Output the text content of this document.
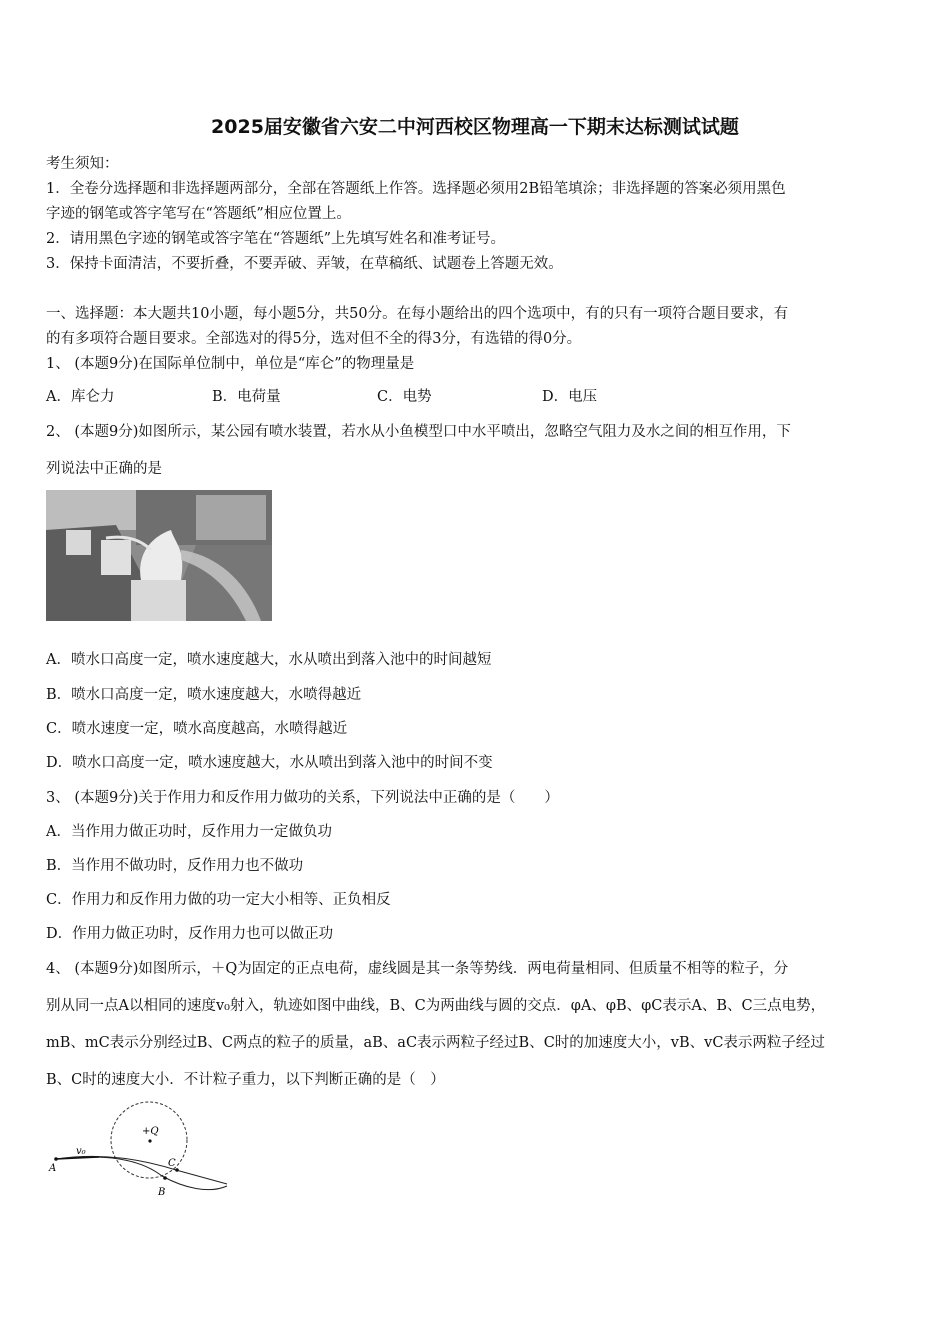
2025届安徽省六安二中河西校区物理高一下期末达标测试试题
考生须知：
1．全卷分选择题和非选择题两部分，全部在答题纸上作答。选择题必须用2B铅笔填涂；非选择题的答案必须用黑色
字迹的钢笔或答字笔写在“答题纸”相应位置上。
2．请用黑色字迹的钢笔或答字笔在“答题纸”上先填写姓名和准考证号。
3．保持卡面清洁，不要折叠，不要弄破、弄皱，在草稿纸、试题卷上答题无效。
一、选择题：本大题共10小题，每小题5分，共50分。在每小题给出的四个选项中，有的只有一项符合题目要求，有
的有多项符合题目要求。全部选对的得5分，选对但不全的得3分，有选错的得0分。
1、 (本题9分)在国际单位制中，单位是“库仑”的物理量是
A．库仑力	B．电荷量	C．电势	D．电压
2、 (本题9分)如图所示，某公园有喷水装置，若水从小鱼模型口中水平喷出，忽略空气阻力及水之间的相互作用，下
列说法中正确的是
A．喷水口高度一定，喷水速度越大，水从喷出到落入池中的时间越短
B．喷水口高度一定，喷水速度越大，水喷得越近
C．喷水速度一定，喷水高度越高，水喷得越近
D．喷水口高度一定，喷水速度越大，水从喷出到落入池中的时间不变
3、 (本题9分)关于作用力和反作用力做功的关系，下列说法中正确的是（　　）
A．当作用力做正功时，反作用力一定做负功
B．当作用不做功时，反作用力也不做功
C．作用力和反作用力做的功一定大小相等、正负相反
D．作用力做正功时，反作用力也可以做正功
4、 (本题9分)如图所示，＋Q为固定的正点电荷，虚线圆是其一条等势线．两电荷量相同、但质量不相等的粒子，分
别从同一点A以相同的速度v₀射入，轨迹如图中曲线，B、C为两曲线与圆的交点．φA、φB、φC表示A、B、C三点电势，
mB、mC表示分别经过B、C两点的粒子的质量，aB、aC表示两粒子经过B、C时的加速度大小，vB、vC表示两粒子经过
B、C时的速度大小．不计粒子重力，以下判断正确的是（　）
+Q
A
v₀
B
C
